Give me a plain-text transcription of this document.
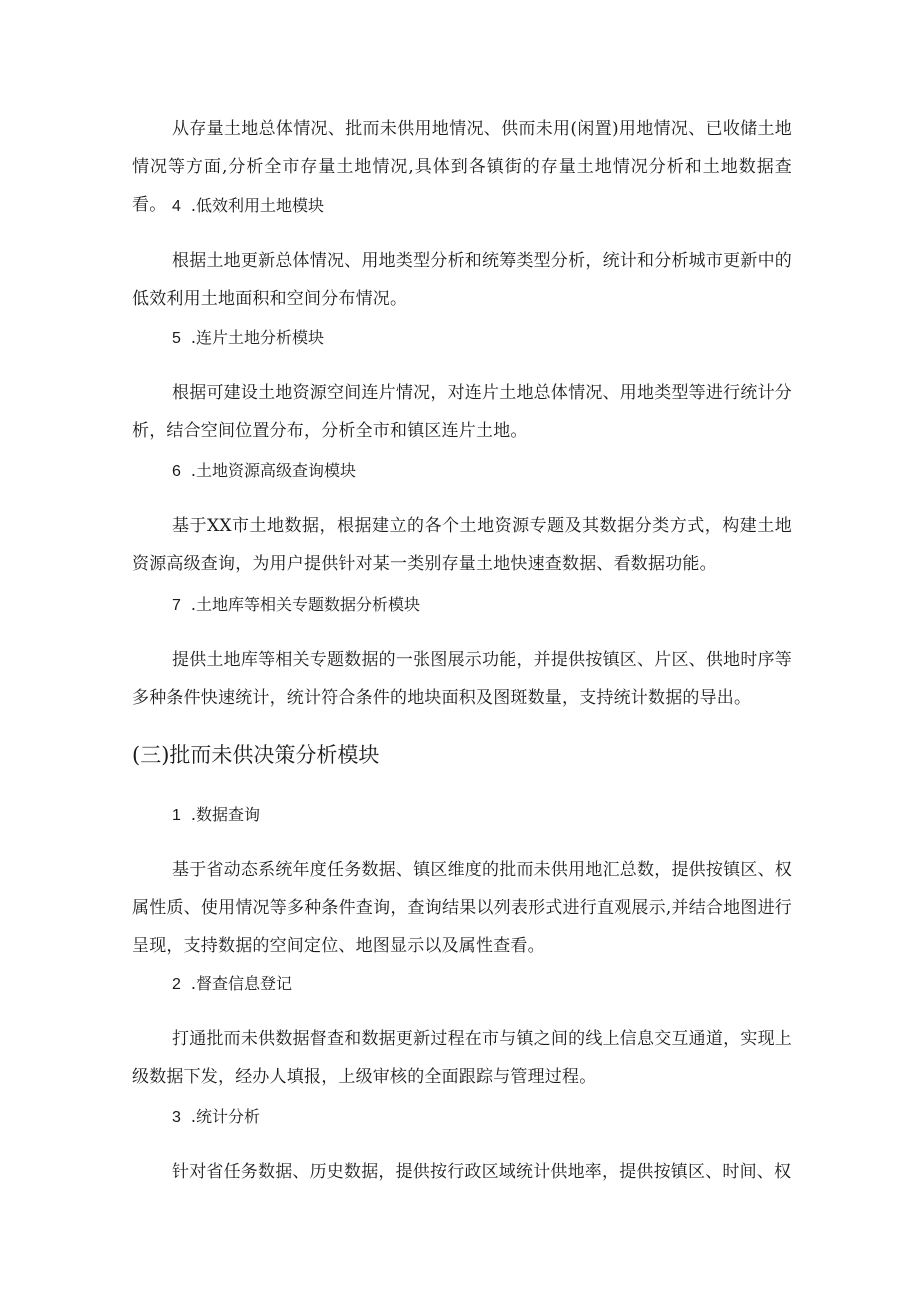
从存量土地总体情况、批而未供用地情况、供而未用(闲置)用地情况、已收储土地情况等方面,分析全市存量土地情况,具体到各镇街的存量土地情况分析和土地数据查看。 4 .低效利用土地模块

根据土地更新总体情况、用地类型分析和统筹类型分析，统计和分析城市更新中的低效利用土地面积和空间分布情况。

5 .连片土地分析模块

根据可建设土地资源空间连片情况，对连片土地总体情况、用地类型等进行统计分析，结合空间位置分布，分析全市和镇区连片土地。

6 .土地资源高级查询模块

基于XX市土地数据，根据建立的各个土地资源专题及其数据分类方式，构建土地资源高级查询，为用户提供针对某一类别存量土地快速查数据、看数据功能。

7 .土地库等相关专题数据分析模块

提供土地库等相关专题数据的一张图展示功能，并提供按镇区、片区、供地时序等多种条件快速统计，统计符合条件的地块面积及图斑数量，支持统计数据的导出。

(三)批而未供决策分析模块

1 .数据查询

基于省动态系统年度任务数据、镇区维度的批而未供用地汇总数，提供按镇区、权属性质、使用情况等多种条件查询，查询结果以列表形式进行直观展示,并结合地图进行呈现，支持数据的空间定位、地图显示以及属性查看。

2 .督查信息登记

打通批而未供数据督查和数据更新过程在市与镇之间的线上信息交互通道，实现上级数据下发，经办人填报，上级审核的全面跟踪与管理过程。

3 .统计分析

针对省任务数据、历史数据，提供按行政区域统计供地率，提供按镇区、时间、权
